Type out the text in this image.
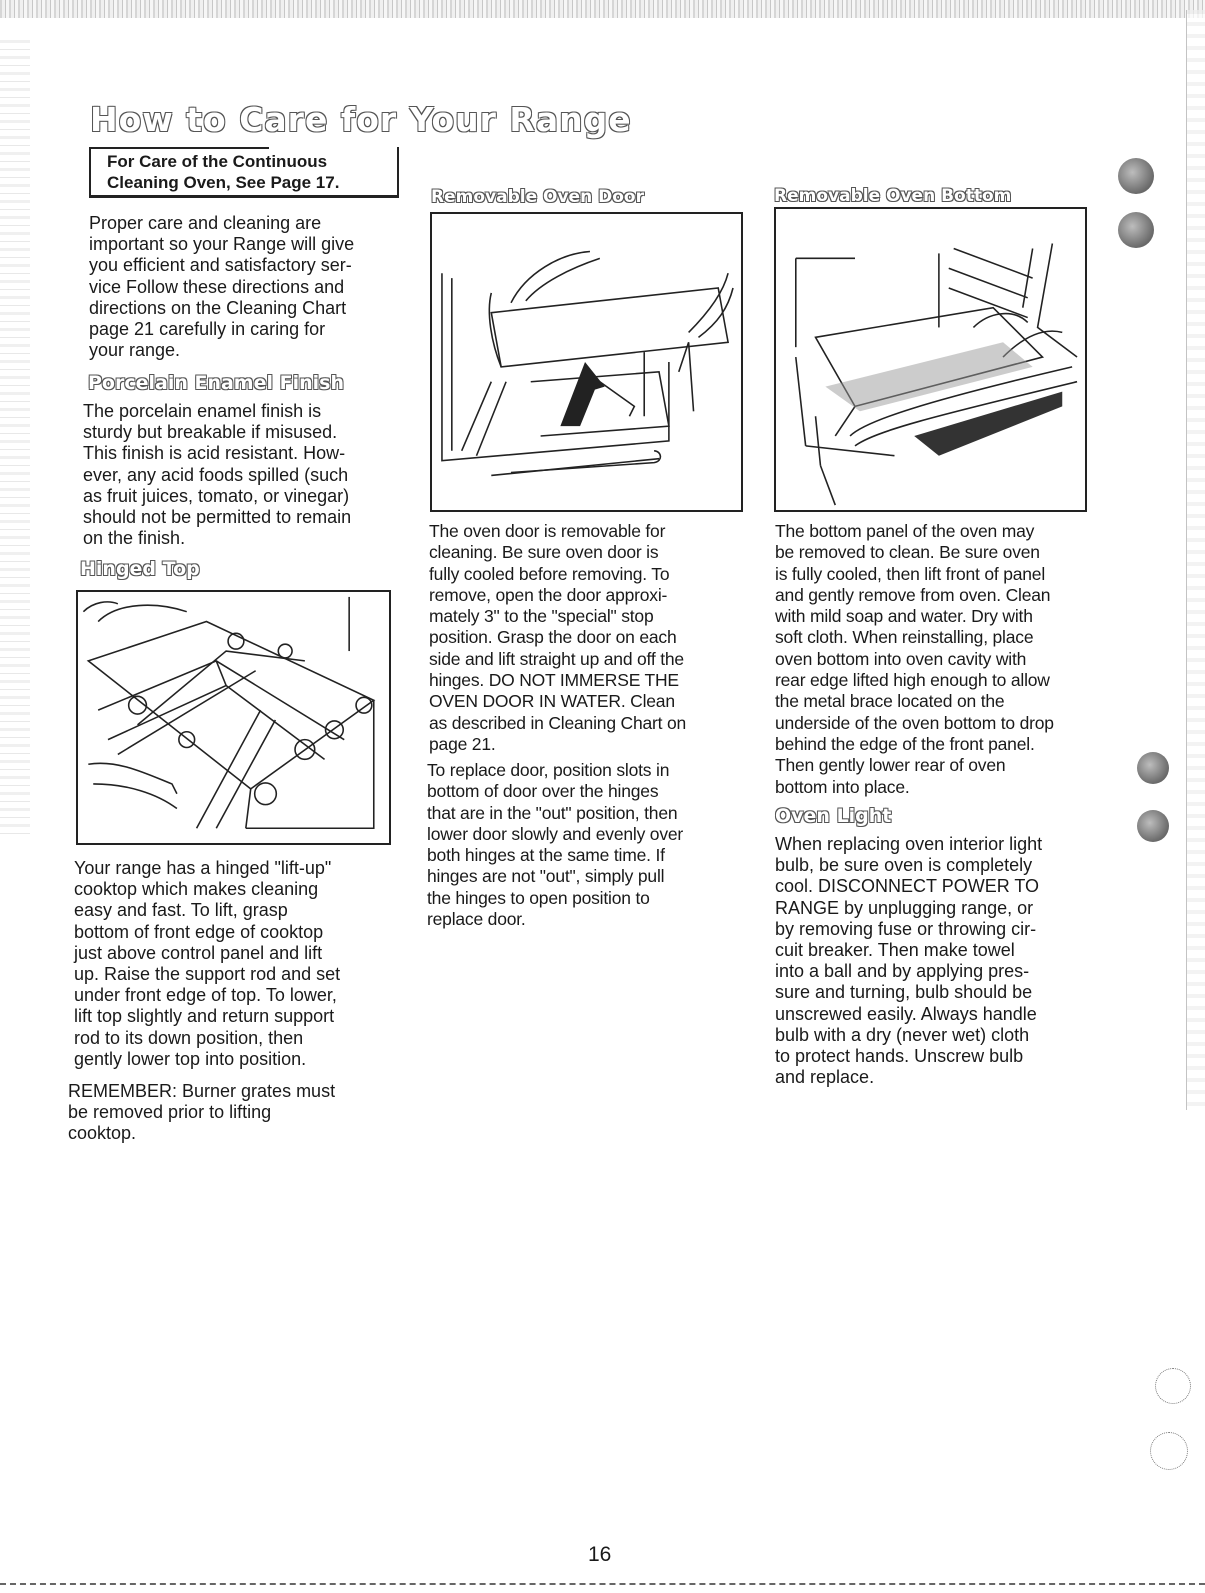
How to Care for Your Range
For Care of the Continuous
Cleaning Oven, See Page 17.

Proper care and cleaning are
important so your Range will give
you efficient and satisfactory ser-
vice Follow these directions and
directions on the Cleaning Chart
page 21 carefully in caring for
your range.

Porcelain Enamel Finish

The porcelain enamel finish is
sturdy but breakable if misused.
This finish is acid resistant. How-
ever, any acid foods spilled (such
as fruit juices, tomato, or vinegar)
should not be permitted to remain
on the finish.

Hinged Top

Your range has a hinged "lift-up"
cooktop which makes cleaning
easy and fast. To lift, grasp
bottom of front edge of cooktop
just above control panel and lift
up. Raise the support rod and set
under front edge of top. To lower,
lift top slightly and return support
rod to its down position, then
gently lower top into position.

REMEMBER: Burner grates must
be removed prior to lifting
cooktop.

Removable Oven Door

The oven door is removable for
cleaning. Be sure oven door is
fully cooled before removing. To
remove, open the door approxi-
mately 3" to the "special" stop
position. Grasp the door on each
side and lift straight up and off the
hinges. DO NOT IMMERSE THE
OVEN DOOR IN WATER. Clean
as described in Cleaning Chart on
page 21.

To replace door, position slots in
bottom of door over the hinges
that are in the "out" position, then
lower door slowly and evenly over
both hinges at the same time. If
hinges are not "out", simply pull
the hinges to open position to
replace door.

Removable Oven Bottom

The bottom panel of the oven may
be removed to clean. Be sure oven
is fully cooled, then lift front of panel
and gently remove from oven. Clean
with mild soap and water. Dry with
soft cloth. When reinstalling, place
oven bottom into oven cavity with
rear edge lifted high enough to allow
the metal brace located on the
underside of the oven bottom to drop
behind the edge of the front panel.
Then gently lower rear of oven
bottom into place.

Oven Light

When replacing oven interior light
bulb, be sure oven is completely
cool. DISCONNECT POWER TO
RANGE by unplugging range, or
by removing fuse or throwing cir-
cuit breaker. Then make towel
into a ball and by applying pres-
sure and turning, bulb should be
unscrewed easily. Always handle
bulb with a dry (never wet) cloth
to protect hands. Unscrew bulb
and replace.

16
